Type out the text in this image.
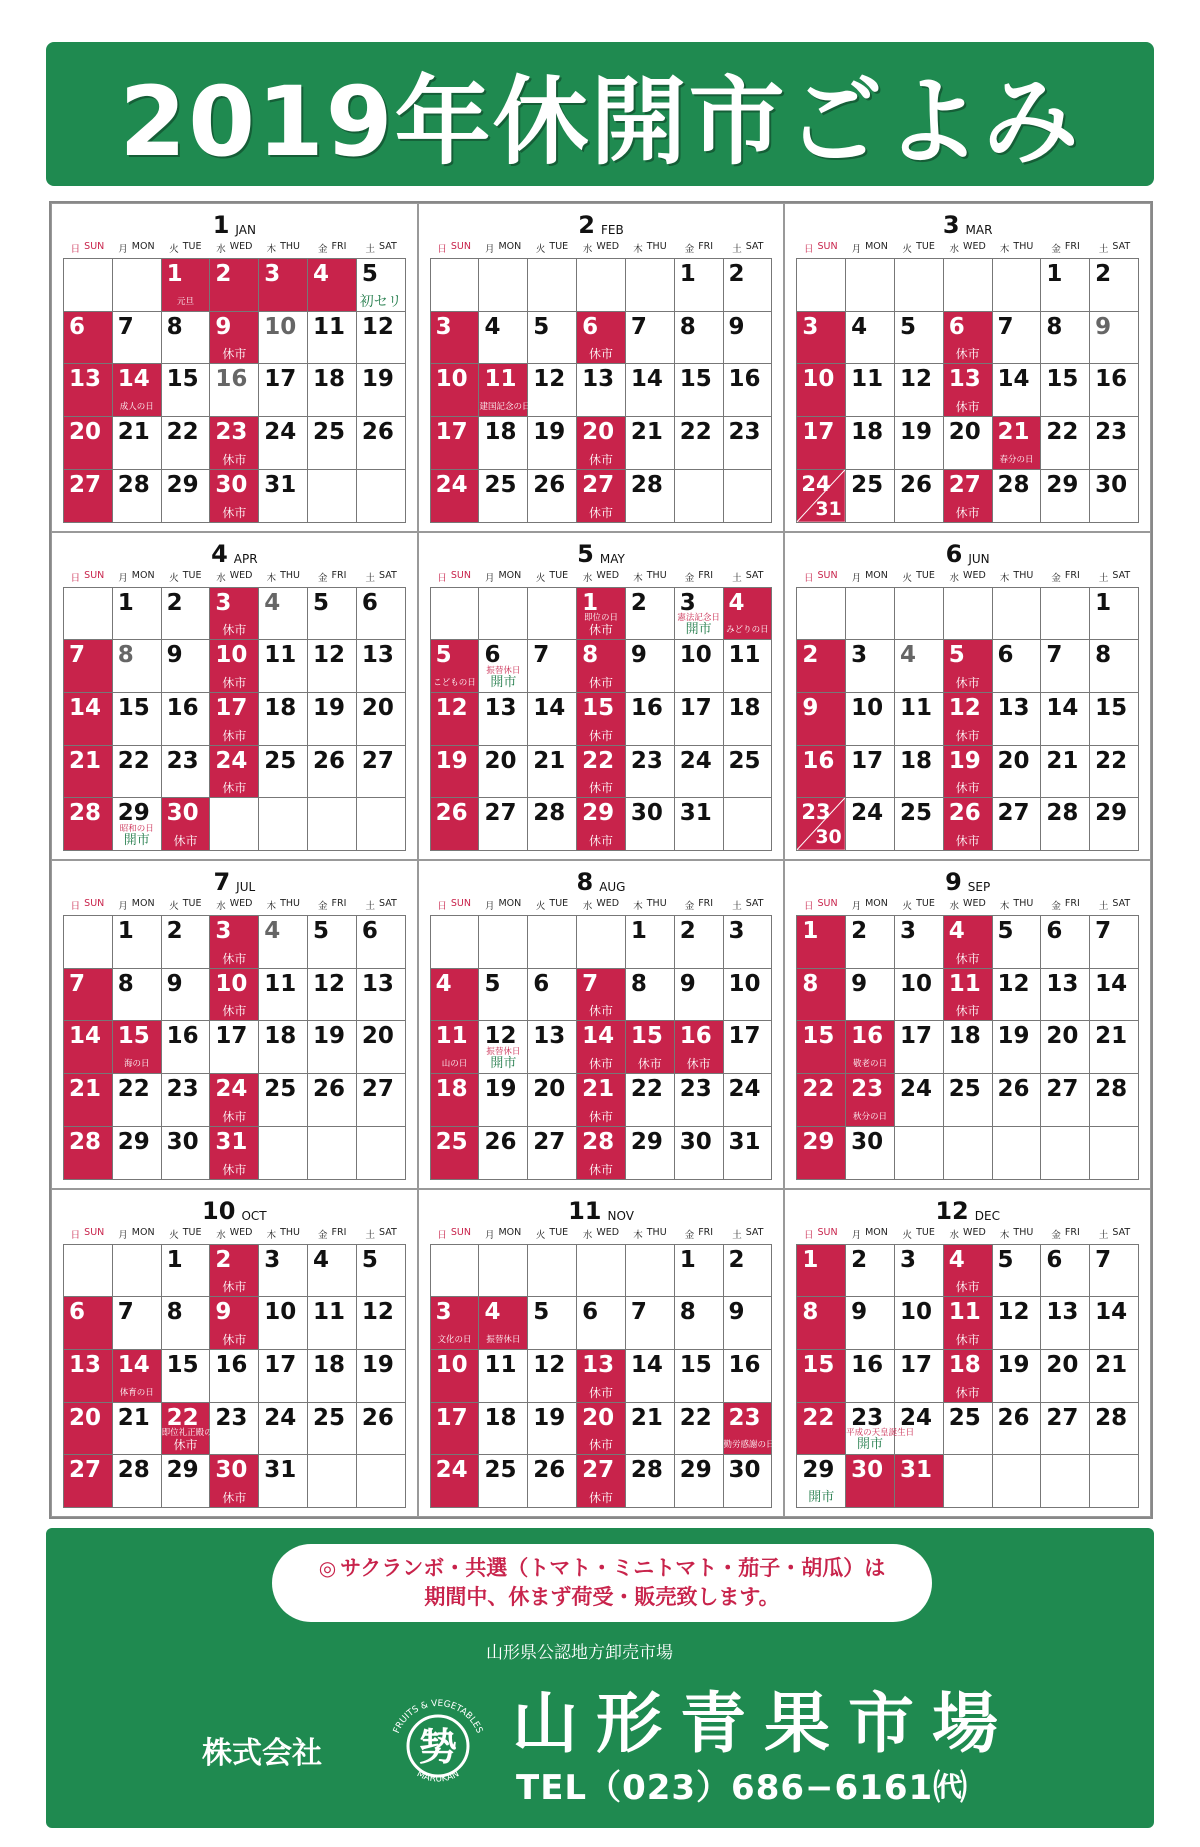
2019年休開市ごよみ
1 JAN
日 SUN 月 MON 火 TUE 水 WED 木 THU 金 FRI 土 SAT
1
元旦
2 3 4 5
初セリ
6 7 8 9
休市
10 11 12
13 14
成人の日
15 16 17 18 19
20 21 22 23
休市
24 25 26
27 28 29 30
休市
31
2 FEB
日 SUN 月 MON 火 TUE 水 WED 木 THU 金 FRI 土 SAT
1 2
3 4 5 6
休市
7 8 9
10 11
建国記念の日
12 13 14 15 16
17 18 19 20
休市
21 22 23
24 25 26 27
休市
28
3 MAR
日 SUN 月 MON 火 TUE 水 WED 木 THU 金 FRI 土 SAT
1 2
3 4 5 6
休市
7 8 9
10 11 12 13
休市
14 15 16
17 18 19 20 21
春分の日
22 23
24
31
25 26 27
休市
28 29 30
4 APR
日 SUN 月 MON 火 TUE 水 WED 木 THU 金 FRI 土 SAT
1 2 3
休市
4 5 6
7 8 9 10
休市
11 12 13
14 15 16 17
休市
18 19 20
21 22 23 24
休市
25 26 27
28 29
昭和の日
開市
30
休市
5 MAY
日 SUN 月 MON 火 TUE 水 WED 木 THU 金 FRI 土 SAT
1
即位の日
休市
2 3
憲法記念日
開市
4
みどりの日
5
こどもの日
6
振替休日
開市
7 8
休市
9 10 11
12 13 14 15
休市
16 17 18
19 20 21 22
休市
23 24 25
26 27 28 29
休市
30 31
6 JUN
日 SUN 月 MON 火 TUE 水 WED 木 THU 金 FRI 土 SAT
1
2 3 4 5
休市
6 7 8
9 10 11 12
休市
13 14 15
16 17 18 19
休市
20 21 22
23
30
24 25 26
休市
27 28 29
7 JUL
日 SUN 月 MON 火 TUE 水 WED 木 THU 金 FRI 土 SAT
1 2 3
休市
4 5 6
7 8 9 10
休市
11 12 13
14 15
海の日
16 17 18 19 20
21 22 23 24
休市
25 26 27
28 29 30 31
休市
8 AUG
日 SUN 月 MON 火 TUE 水 WED 木 THU 金 FRI 土 SAT
1 2 3
4 5 6 7
休市
8 9 10
11
山の日
12
振替休日
開市
13 14
休市
15
休市
16
休市
17
18 19 20 21
休市
22 23 24
25 26 27 28
休市
29 30 31
9 SEP
日 SUN 月 MON 火 TUE 水 WED 木 THU 金 FRI 土 SAT
1 2 3 4
休市
5 6 7
8 9 10 11
休市
12 13 14
15 16
敬老の日
17 18 19 20 21
22 23
秋分の日
24 25 26 27 28
29 30
10 OCT
日 SUN 月 MON 火 TUE 水 WED 木 THU 金 FRI 土 SAT
1 2
休市
3 4 5
6 7 8 9
休市
10 11 12
13 14
体育の日
15 16 17 18 19
20 21 22
即位礼正殿の儀
休市
23 24 25 26
27 28 29 30
休市
31
11 NOV
日 SUN 月 MON 火 TUE 水 WED 木 THU 金 FRI 土 SAT
1 2
3
文化の日
4
振替休日
5 6 7 8 9
10 11 12 13
休市
14 15 16
17 18 19 20
休市
21 22 23
勤労感謝の日
24 25 26 27
休市
28 29 30
12 DEC
日 SUN 月 MON 火 TUE 水 WED 木 THU 金 FRI 土 SAT
1 2 3 4
休市
5 6 7
8 9 10 11
休市
12 13 14
15 16 17 18
休市
19 20 21
22 23
平成の天皇誕生日
開市
24 25 26 27 28
29
開市
30 31
◎ サクランボ・共選（トマト・ミニトマト・茄子・胡瓜）は
期間中、休まず荷受・販売致します。
山形県公認地方卸売市場
株式会社	㔟
FRUITS & VEGETABLES
MARUKAN
山形青果市場
TEL（023）686−6161㈹
